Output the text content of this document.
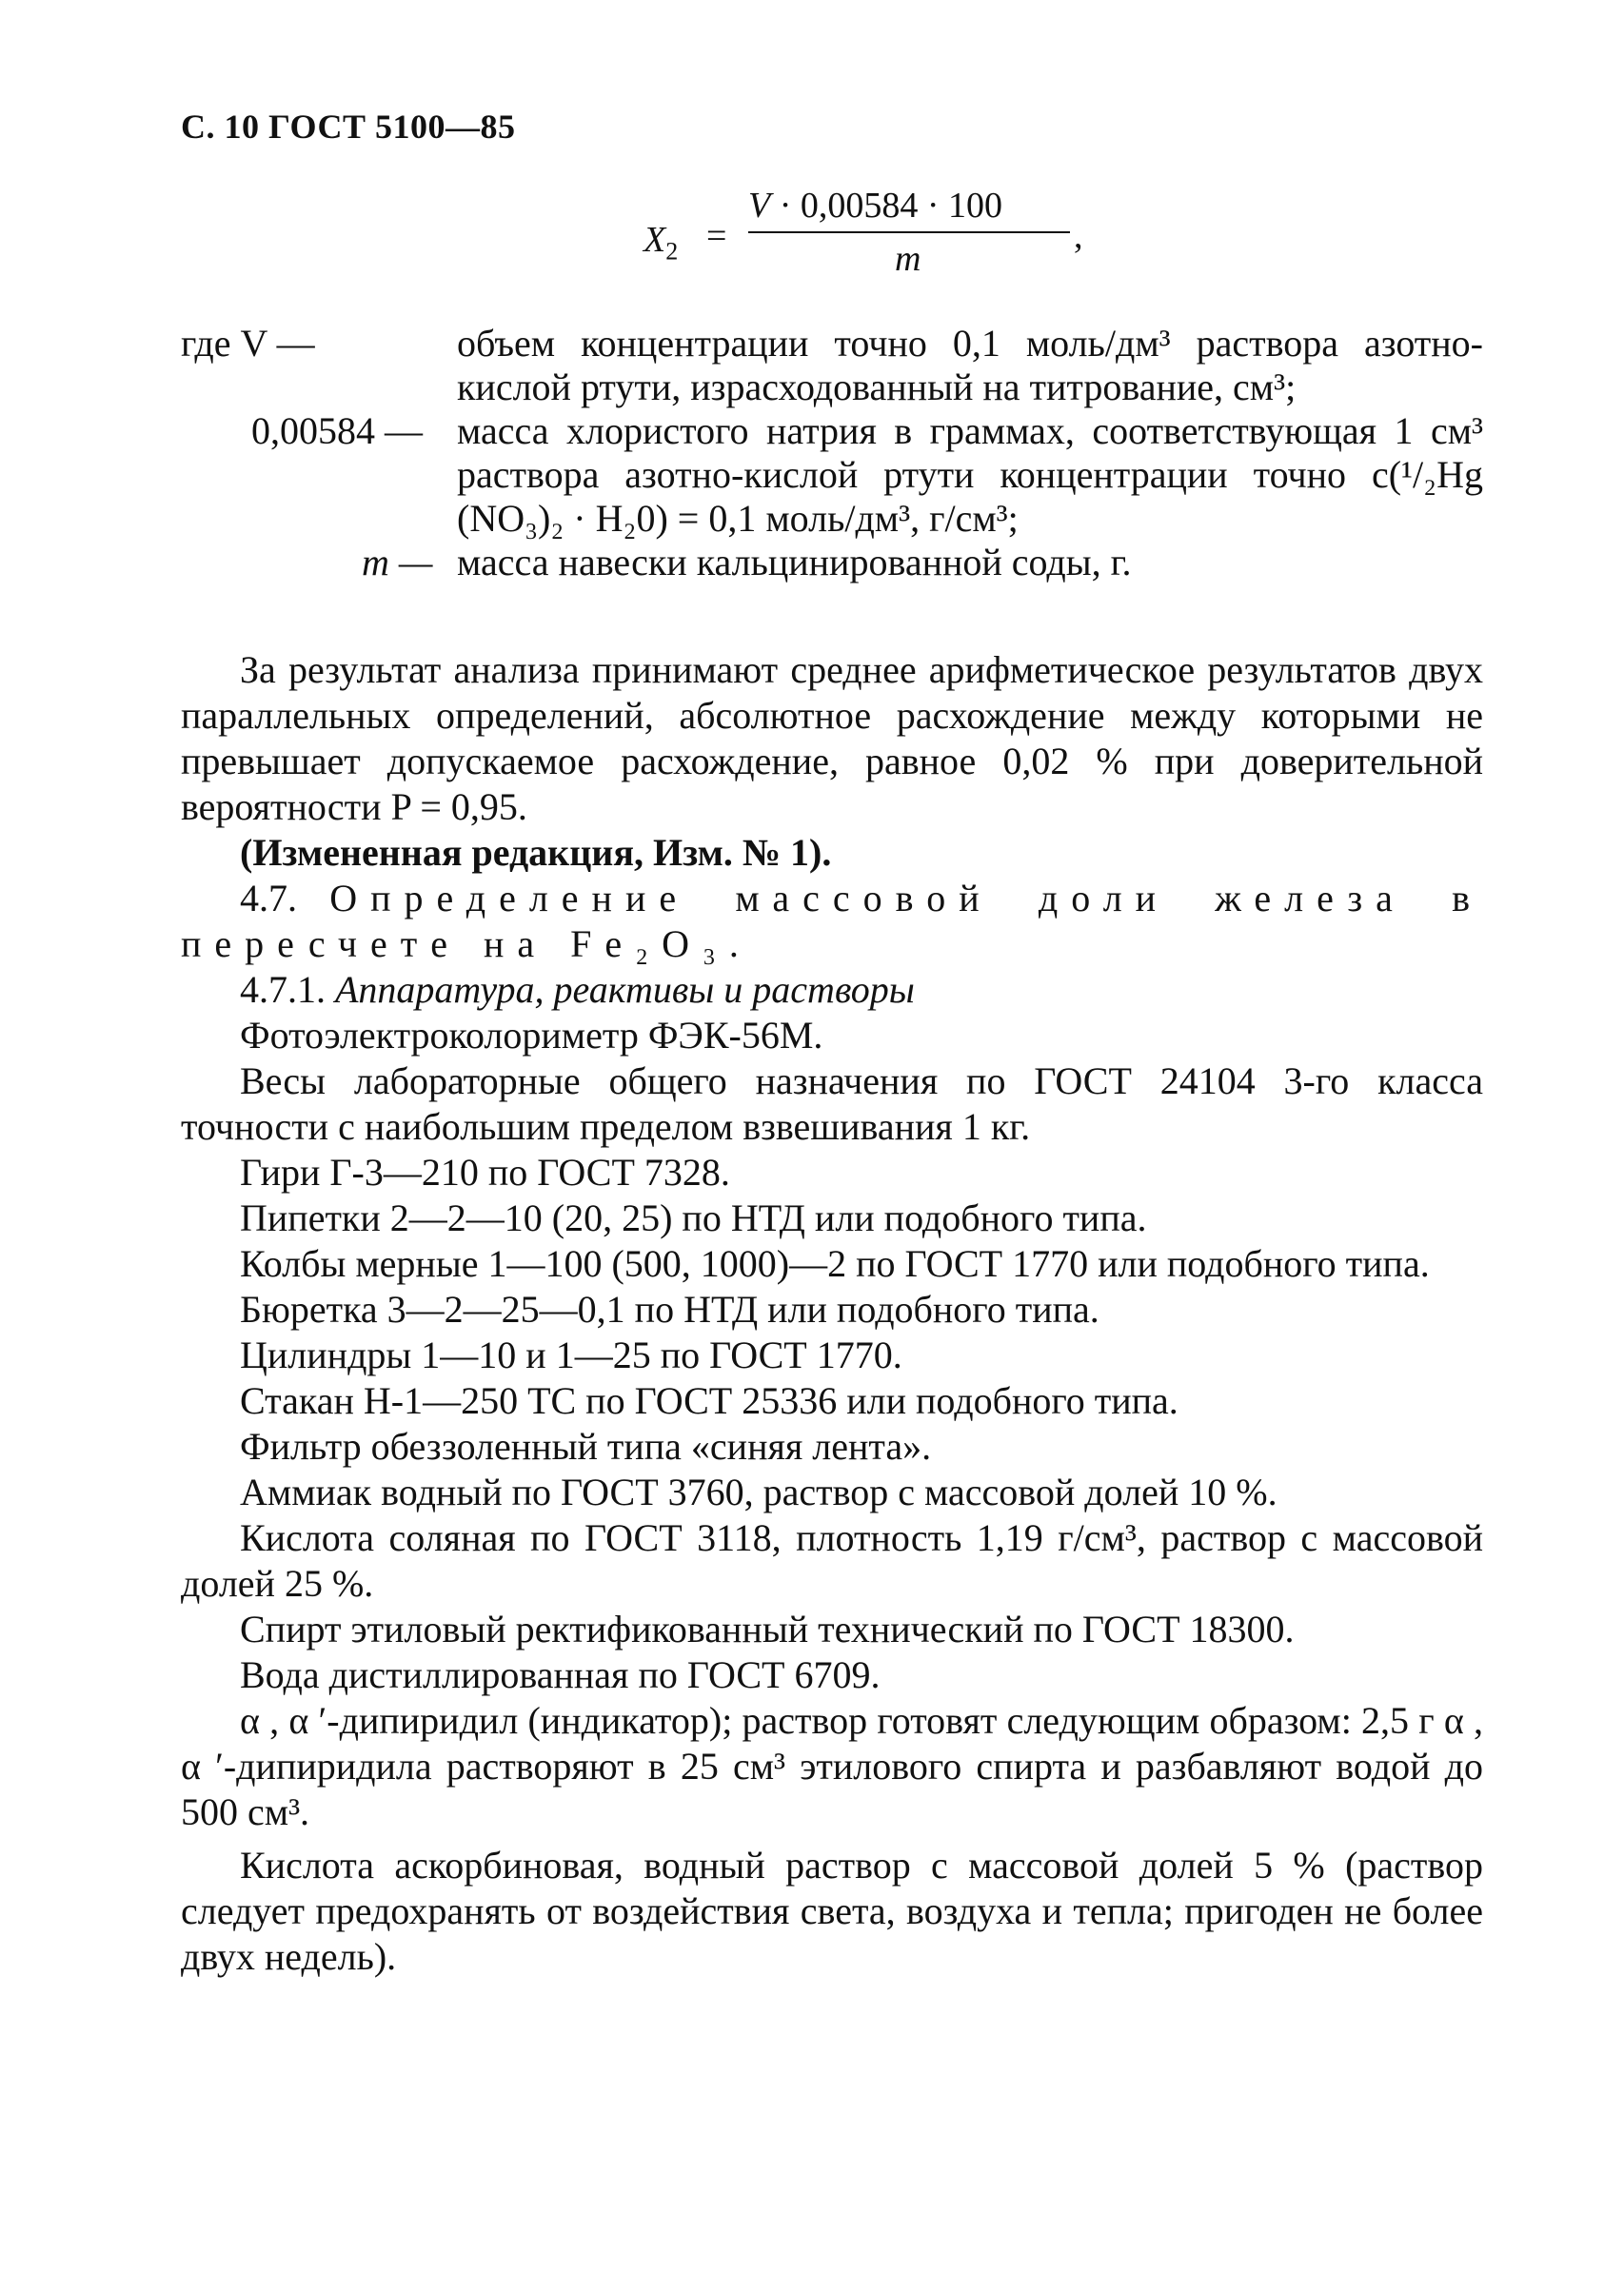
С. 10 ГОСТ 5100—85
$X_2$ =
V · 0,00584 · 100
m
,
где V —	объем концентрации точно 0,1 моль/дм³ раствора азотно-кислой ртути, израсходованный на титрование, см³;
0,00584 — масса хлористого натрия в граммах, соответствующая 1 см³ раствора азотно-кислой ртути концентрации точно c(¹/₂Hg (NO₃)₂ · H₂0) = 0,1 моль/дм³, г/см³;
m — масса навески кальцинированной соды, г.

За результат анализа принимают среднее арифметическое результатов двух параллельных определений, абсолютное расхождение между которыми не превышает допускаемое расхождение, равное 0,02 % при доверительной вероятности P = 0,95.

(Измененная редакция, Изм. № 1).

4.7. Определение массовой доли железа в пересчете на Fe₂O₃.

4.7.1. Аппаратура, реактивы и растворы

Фотоэлектроколориметр ФЭК-56М.

Весы лабораторные общего назначения по ГОСТ 24104 3-го класса точности с наибольшим пределом взвешивания 1 кг.

Гири Г-3—210 по ГОСТ 7328.

Пипетки 2—2—10 (20, 25) по НТД или подобного типа.

Колбы мерные 1—100 (500, 1000)—2 по ГОСТ 1770 или подобного типа.

Бюретка 3—2—25—0,1 по НТД или подобного типа.

Цилиндры 1—10 и 1—25 по ГОСТ 1770.

Стакан Н-1—250 ТС по ГОСТ 25336 или подобного типа.

Фильтр обеззоленный типа «синяя лента».

Аммиак водный по ГОСТ 3760, раствор с массовой долей 10 %.

Кислота соляная по ГОСТ 3118, плотность 1,19 г/см³, раствор с массовой долей 25 %.

Спирт этиловый ректификованный технический по ГОСТ 18300.

Вода дистиллированная по ГОСТ 6709.

α , α ′-дипиридил (индикатор); раствор готовят следующим образом: 2,5 г α , α ′-дипиридила растворяют в 25 см³ этилового спирта и разбавляют водой до 500 см³.

Кислота аскорбиновая, водный раствор с массовой долей 5 % (раствор следует предохранять от воздействия света, воздуха и тепла; пригоден не более двух недель).
